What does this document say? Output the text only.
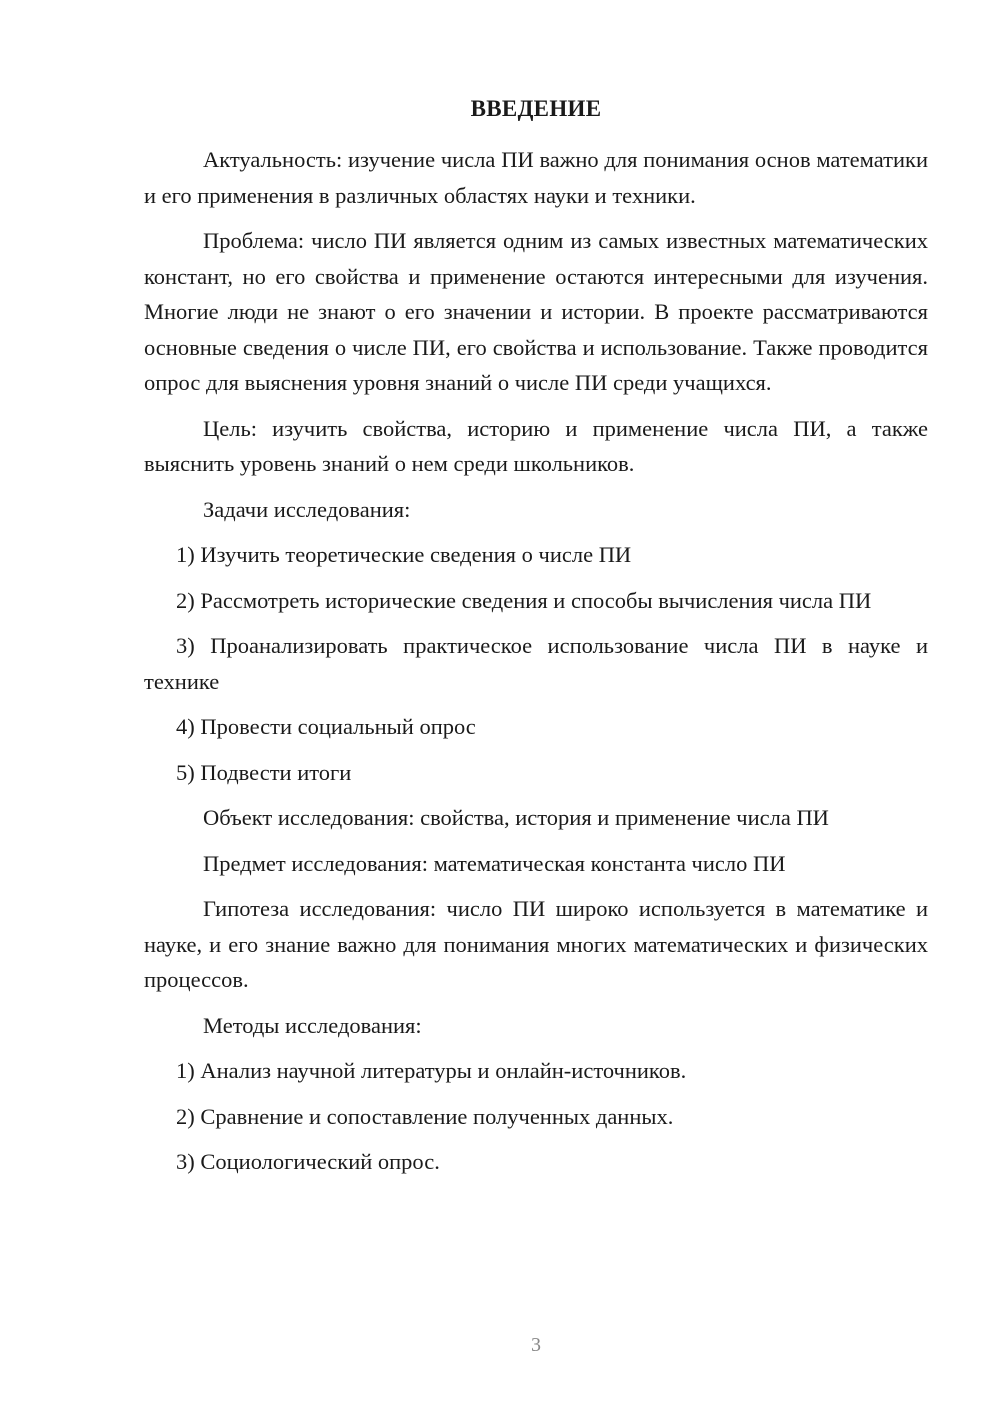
ВВЕДЕНИЕ

Актуальность: изучение числа ПИ важно для понимания основ математики и его применения в различных областях науки и техники.

Проблема: число ПИ является одним из самых известных математических констант, но его свойства и применение остаются интересными для изучения. Многие люди не знают о его значении и истории. В проекте рассматриваются основные сведения о числе ПИ, его свойства и использование. Также проводится опрос для выяснения уровня знаний о числе ПИ среди учащихся.

Цель: изучить свойства, историю и применение числа ПИ, а также выяснить уровень знаний о нем среди школьников.

Задачи исследования:

1) Изучить теоретические сведения о числе ПИ

2) Рассмотреть исторические сведения и способы вычисления числа ПИ

3) Проанализировать практическое использование числа ПИ в науке и технике

4) Провести социальный опрос

5) Подвести итоги

Объект исследования: свойства, история и применение числа ПИ

Предмет исследования: математическая константа число ПИ

Гипотеза исследования: число ПИ широко используется в математике и науке, и его знание важно для понимания многих математических и физических процессов.

Методы исследования:

1) Анализ научной литературы и онлайн-источников.

2) Сравнение и сопоставление полученных данных.

3) Социологический опрос.

3
